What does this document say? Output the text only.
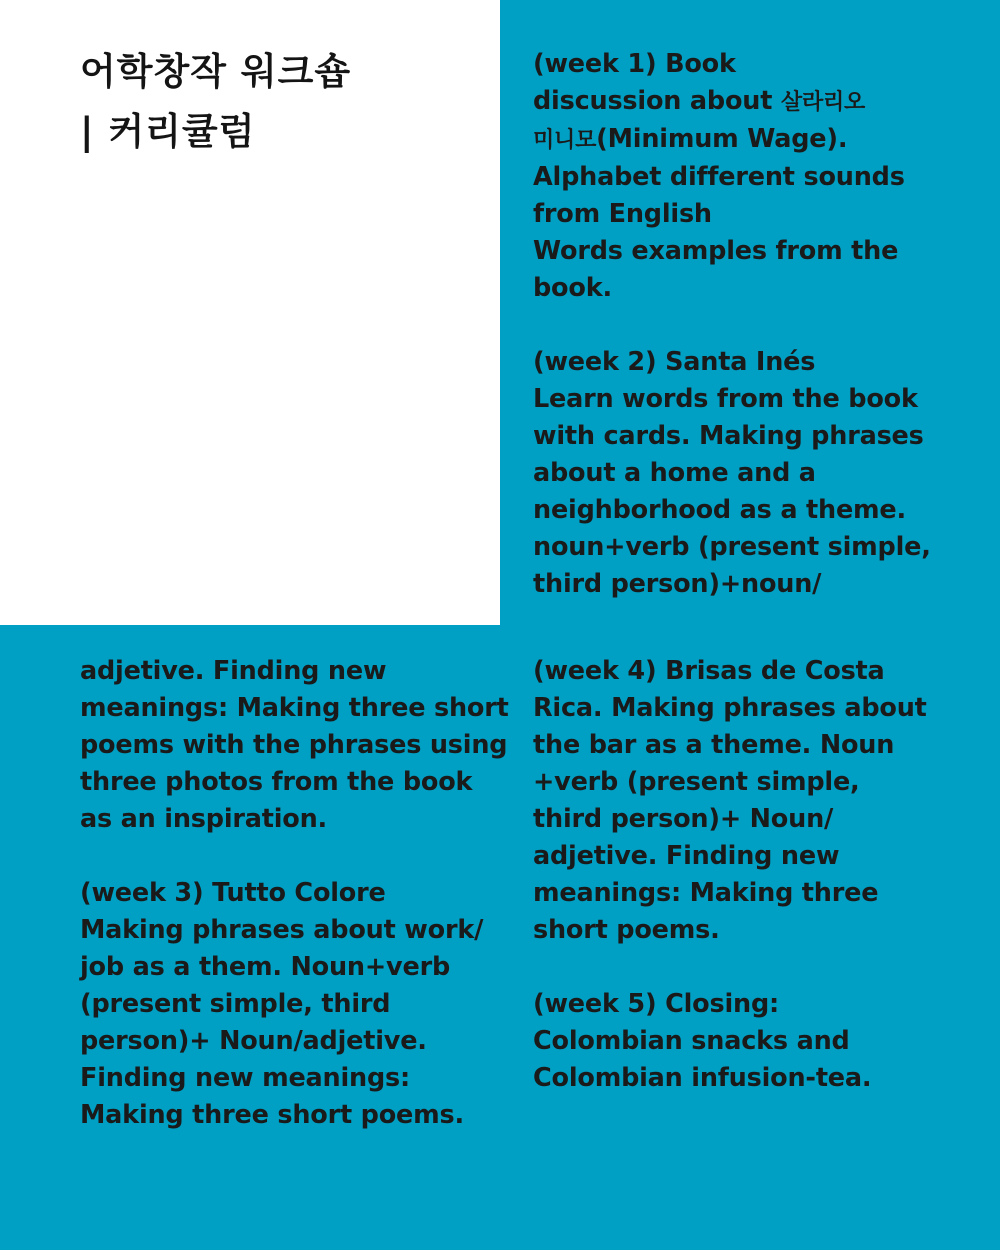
어학창작 워크숍
| 커리큘럼
(week 1) Book
discussion about 살라리오
미니모(Minimum Wage).
Alphabet different sounds
from English
Words examples from the
book.
(week 2) Santa Inés
Learn words from the book
with cards. Making phrases
about a home and a
neighborhood as a theme.
noun+verb (present simple,
third person)+noun/
adjetive. Finding new
meanings: Making three short
poems with the phrases using
three photos from the book
as an inspiration.
(week 3) Tutto Colore
Making phrases about work/
job as a them. Noun+verb
(present simple, third
person)+ Noun/adjetive.
Finding new meanings:
Making three short poems.
(week 4) Brisas de Costa
Rica. Making phrases about
the bar as a theme. Noun
+verb (present simple,
third person)+ Noun/
adjetive. Finding new
meanings: Making three
short poems.
(week 5) Closing:
Colombian snacks and
Colombian infusion-tea.
